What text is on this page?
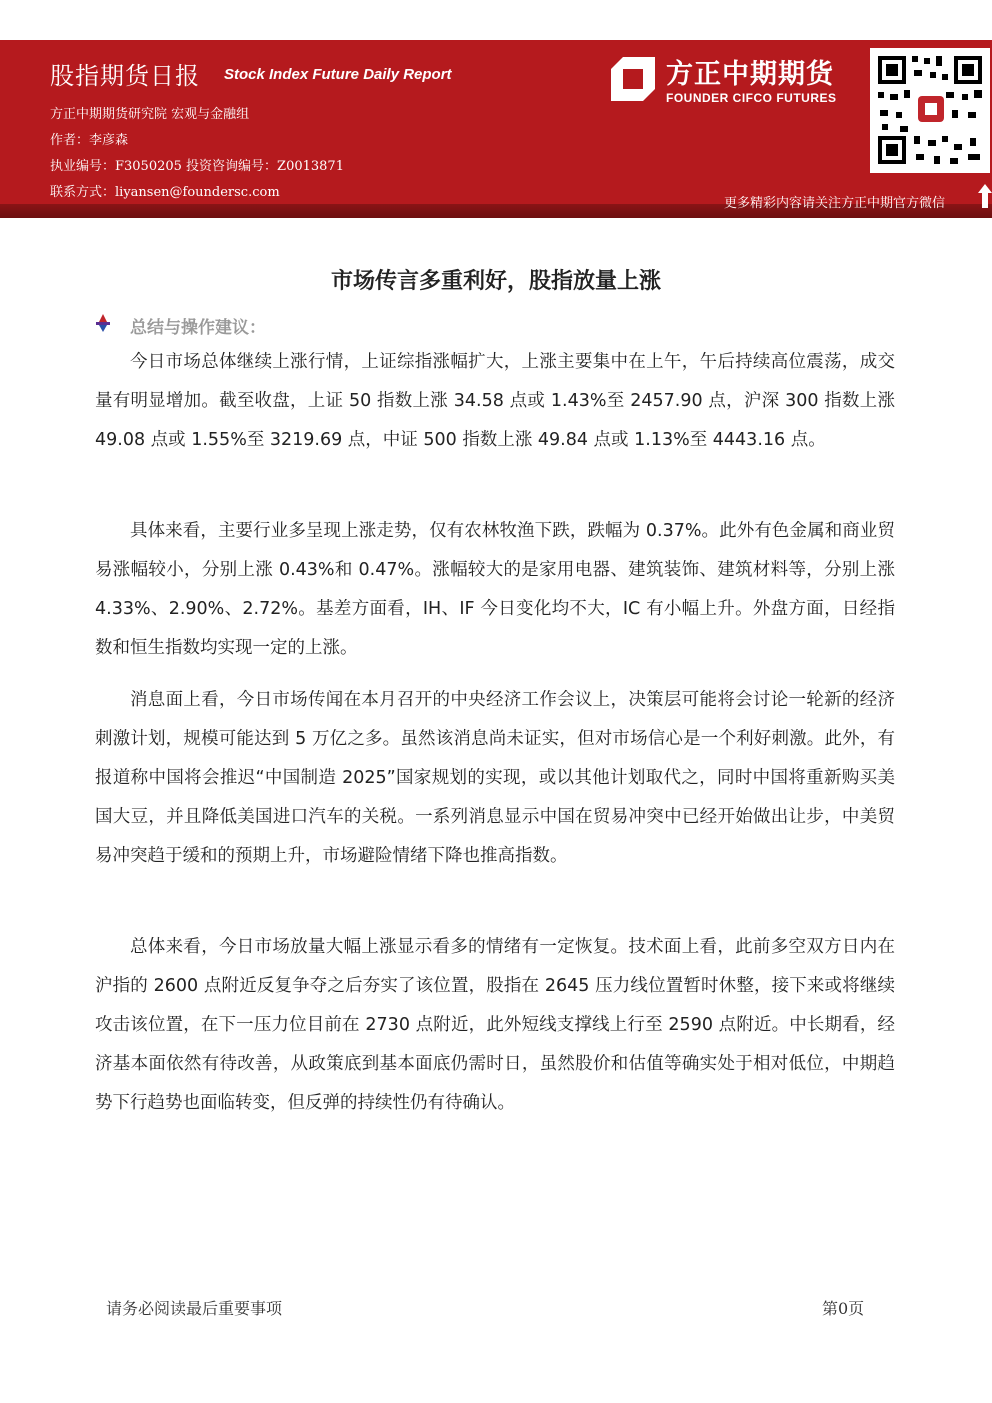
股指期货日报 Stock Index Future Daily Report
方正中期期货研究院 宏观与金融组
作者：李彦森
执业编号：F3050205 投资咨询编号：Z0013871
联系方式：liyansen@foundersc.com
方正中期期货
FOUNDER CIFCO FUTURES
更多精彩内容请关注方正中期官方微信
市场传言多重利好，股指放量上涨
总结与操作建议：
今日市场总体继续上涨行情，上证综指涨幅扩大，上涨主要集中在上午，午后持续高位震荡，成交量有明显增加。截至收盘，上证 50 指数上涨 34.58 点或 1.43%至 2457.90 点，沪深 300 指数上涨 49.08 点或 1.55%至 3219.69 点，中证 500 指数上涨 49.84 点或 1.13%至 4443.16 点。
具体来看，主要行业多呈现上涨走势，仅有农林牧渔下跌，跌幅为 0.37%。此外有色金属和商业贸易涨幅较小，分别上涨 0.43%和 0.47%。涨幅较大的是家用电器、建筑装饰、建筑材料等，分别上涨 4.33%、2.90%、2.72%。基差方面看，IH、IF 今日变化均不大，IC 有小幅上升。外盘方面，日经指数和恒生指数均实现一定的上涨。
消息面上看，今日市场传闻在本月召开的中央经济工作会议上，决策层可能将会讨论一轮新的经济刺激计划，规模可能达到 5 万亿之多。虽然该消息尚未证实，但对市场信心是一个利好刺激。此外，有报道称中国将会推迟“中国制造 2025”国家规划的实现，或以其他计划取代之，同时中国将重新购买美国大豆，并且降低美国进口汽车的关税。一系列消息显示中国在贸易冲突中已经开始做出让步，中美贸易冲突趋于缓和的预期上升，市场避险情绪下降也推高指数。
总体来看，今日市场放量大幅上涨显示看多的情绪有一定恢复。技术面上看，此前多空双方日内在沪指的 2600 点附近反复争夺之后夯实了该位置，股指在 2645 压力线位置暂时休整，接下来或将继续攻击该位置，在下一压力位目前在 2730 点附近，此外短线支撑线上行至 2590 点附近。中长期看，经济基本面依然有待改善，从政策底到基本面底仍需时日，虽然股价和估值等确实处于相对低位，中期趋势下行趋势也面临转变，但反弹的持续性仍有待确认。
请务必阅读最后重要事项	第0页
